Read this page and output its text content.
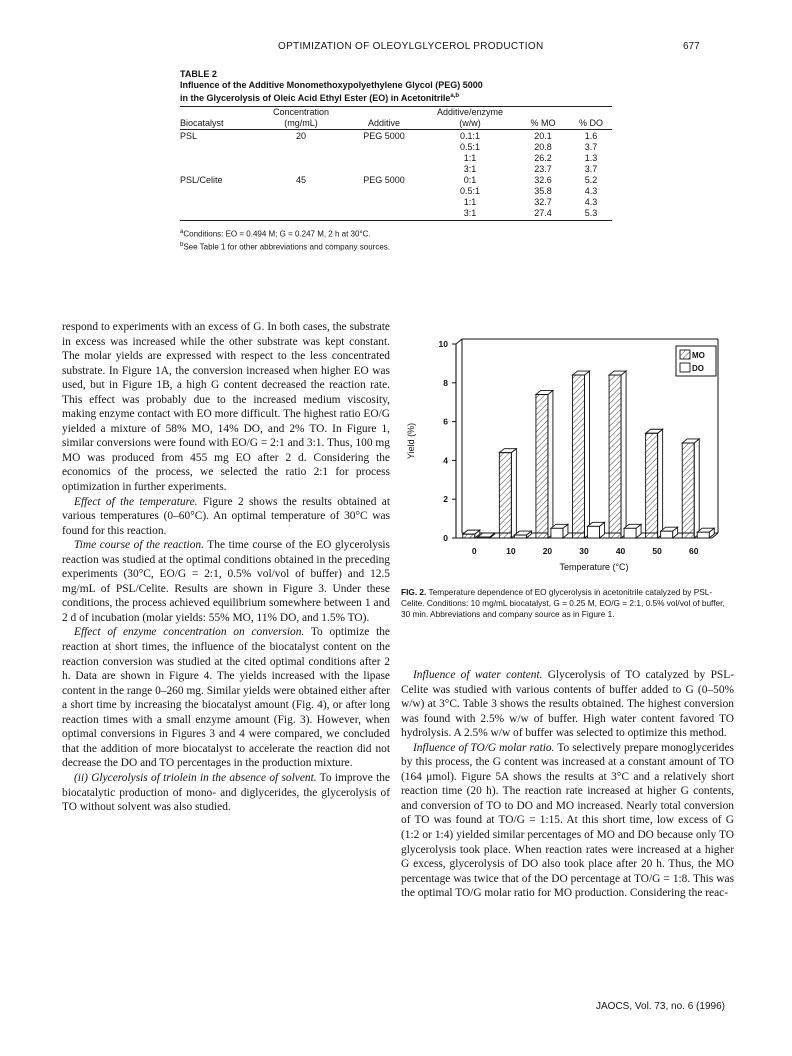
OPTIMIZATION OF OLEOYLGLYCEROL PRODUCTION	677
TABLE 2
Influence of the Additive Monomethoxypolyethylene Glycol (PEG) 5000
in the Glycerolysis of Oleic Acid Ethyl Ester (EO) in Acetonitrile$^{a,b}$
	Concentration		Additive/enzyme		
Biocatalyst	(mg/mL)	Additive	(w/w)	% MO	% DO

PSL	20	PEG 5000	0.1:1	20.1	1.6
			0.5:1	20.8	3.7
			1:1	26.2	1.3
			3:1	23.7	3.7
PSL/Celite	45	PEG 5000	0:1	32.6	5.2
			0.5:1	35.8	4.3
			1:1	32.7	4.3
			3:1	27.4	5.3
$^a$Conditions: EO = 0.494 M; G = 0.247 M, 2 h at 30°C.
$^b$See Table 1 for other abbreviations and company sources.

respond to experiments with an excess of G. In both cases, the substrate in excess was increased while the other substrate was kept constant. The molar yields are expressed with respect to the less concentrated substrate. In Figure 1A, the conversion increased when higher EO was used, but in Figure 1B, a high G content decreased the reaction rate. This effect was probably due to the increased medium viscosity, making enzyme contact with EO more difficult. The highest ratio EO/G yielded a mixture of 58% MO, 14% DO, and 2% TO. In Figure 1, similar conversions were found with EO/G = 2:1 and 3:1. Thus, 100 mg MO was produced from 455 mg EO after 2 d. Considering the economics of the process, we selected the ratio 2:1 for process optimization in further experiments.

Effect of the temperature. Figure 2 shows the results obtained at various temperatures (0–60°C). An optimal temperature of 30°C was found for this reaction.

Time course of the reaction. The time course of the EO glycerolysis reaction was studied at the optimal conditions obtained in the preceding experiments (30°C, EO/G = 2:1, 0.5% vol/vol of buffer) and 12.5 mg/mL of PSL/Celite. Results are shown in Figure 3. Under these conditions, the process achieved equilibrium somewhere between 1 and 2 d of incubation (molar yields: 55% MO, 11% DO, and 1.5% TO).

Effect of enzyme concentration on conversion. To optimize the reaction at short times, the influence of the biocatalyst content on the reaction conversion was studied at the cited optimal conditions after 2 h. Data are shown in Figure 4. The yields increased with the lipase content in the range 0–260 mg. Similar yields were obtained either after a short time by increasing the biocatalyst amount (Fig. 4), or after long reaction times with a small enzyme amount (Fig. 3). However, when optimal conversions in Figures 3 and 4 were compared, we concluded that the addition of more biocatalyst to accelerate the reaction did not decrease the DO and TO percentages in the production mixture.

(ii) Glycerolysis of triolein in the absence of solvent. To improve the biocatalytic production of mono- and diglycerides, the glycerolysis of TO without solvent was also studied.

0
2
4
6
8
10
Yield (%)
0	10	20	30	40	50	60
Temperature (°C)
MO
DO
FIG. 2. Temperature dependence of EO glycerolysis in acetonitrile catalyzed by PSL-Celite. Conditions: 10 mg/mL biocatalyst, G = 0.25 M, EO/G = 2:1, 0.5% vol/vol of buffer, 30 min. Abbreviations and company source as in Figure 1.

Influence of water content. Glycerolysis of TO catalyzed by PSL-Celite was studied with various contents of buffer added to G (0–50% w/w) at 3°C. Table 3 shows the results obtained. The highest conversion was found with 2.5% w/w of buffer. High water content favored TO hydrolysis. A 2.5% w/w of buffer was selected to optimize this method.

Influence of TO/G molar ratio. To selectively prepare monoglycerides by this process, the G content was increased at a constant amount of TO (164 μmol). Figure 5A shows the results at 3°C and a relatively short reaction time (20 h). The reaction rate increased at higher G contents, and conversion of TO to DO and MO increased. Nearly total conversion of TO was found at TO/G = 1:15. At this short time, low excess of G (1:2 or 1:4) yielded similar percentages of MO and DO because only TO glycerolysis took place. When reaction rates were increased at a higher G excess, glycerolysis of DO also took place after 20 h. Thus, the MO percentage was twice that of the DO percentage at TO/G = 1:8. This was the optimal TO/G molar ratio for MO production. Considering the reac-

JAOCS, Vol. 73, no. 6 (1996)
